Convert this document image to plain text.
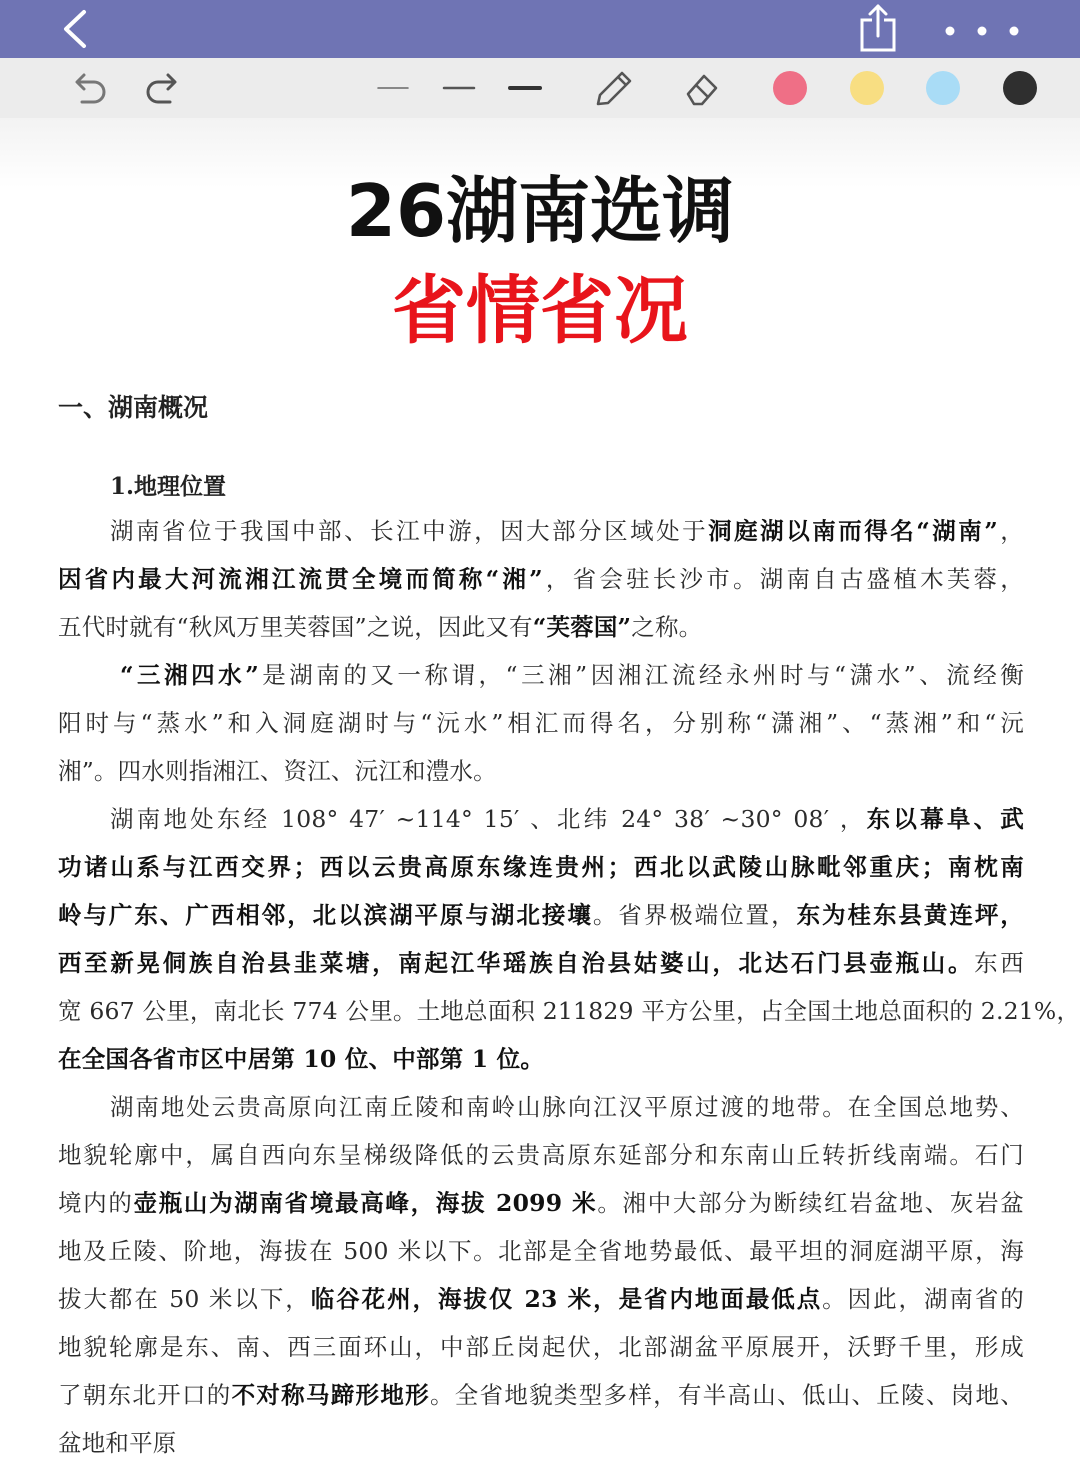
26湖南选调
省情省况
一、湖南概况
1.地理位置
湖南省位于我国中部、长江中游，因大部分区域处于洞庭湖以南而得名“湖南”，
因省内最大河流湘江流贯全境而简称“湘”，省会驻长沙市。湖南自古盛植木芙蓉，
五代时就有“秋风万里芙蓉国”之说，因此又有“芙蓉国”之称。
“三湘四水”是湖南的又一称谓，“三湘”因湘江流经永州时与“潇水”、流经衡
阳时与“蒸水”和入洞庭湖时与“沅水”相汇而得名，分别称“潇湘”、“蒸湘”和“沅
湘”。四水则指湘江、资江、沅江和澧水。
湖南地处东经 108° 47′ ~114° 15′ 、北纬 24° 38′ ~30° 08′ ，东以幕阜、武
功诸山系与江西交界；西以云贵高原东缘连贵州；西北以武陵山脉毗邻重庆；南枕南
岭与广东、广西相邻，北以滨湖平原与湖北接壤。省界极端位置，东为桂东县黄连坪，
西至新晃侗族自治县韭菜塘，南起江华瑶族自治县姑婆山，北达石门县壶瓶山。东西
宽 667 公里，南北长 774 公里。土地总面积 211829 平方公里，占全国土地总面积的 2.21%，
在全国各省市区中居第 10 位、中部第 1 位。
湖南地处云贵高原向江南丘陵和南岭山脉向江汉平原过渡的地带。在全国总地势、
地貌轮廓中，属自西向东呈梯级降低的云贵高原东延部分和东南山丘转折线南端。石门
境内的壶瓶山为湖南省境最高峰，海拔 2099 米。湘中大部分为断续红岩盆地、灰岩盆
地及丘陵、阶地，海拔在 500 米以下。北部是全省地势最低、最平坦的洞庭湖平原，海
拔大都在 50 米以下，临谷花州，海拔仅 23 米，是省内地面最低点。因此，湖南省的
地貌轮廓是东、南、西三面环山，中部丘岗起伏，北部湖盆平原展开，沃野千里，形成
了朝东北开口的不对称马蹄形地形。全省地貌类型多样，有半高山、低山、丘陵、岗地、
盆地和平原
